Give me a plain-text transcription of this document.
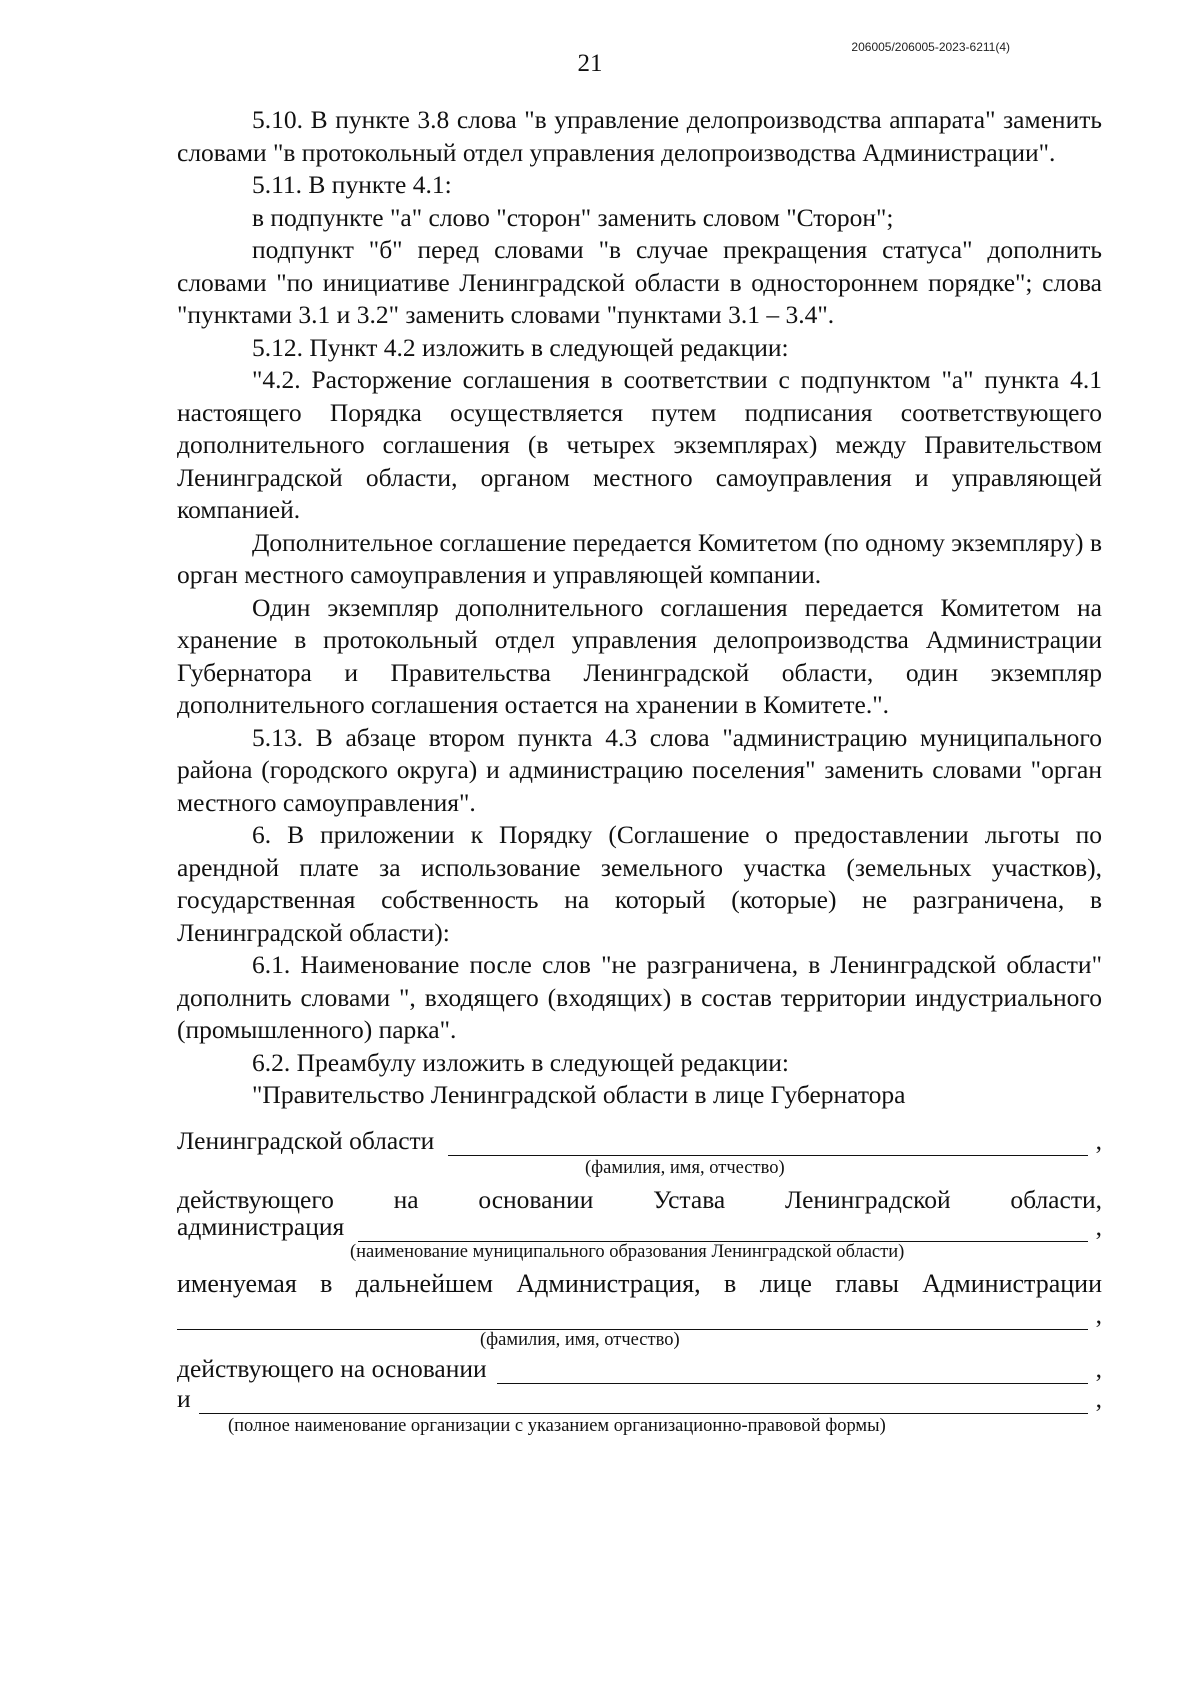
206005/206005-2023-6211(4)
21

5.10. В пункте 3.8 слова "в управление делопроизводства аппарата" заменить словами "в протокольный отдел управления делопроизводства Администрации".

5.11. В пункте 4.1:

в подпункте "а" слово "сторон" заменить словом "Сторон";

подпункт "б" перед словами "в случае прекращения статуса" дополнить словами "по инициативе Ленинградской области в одностороннем порядке"; слова "пунктами 3.1 и 3.2" заменить словами "пунктами 3.1 – 3.4".

5.12. Пункт 4.2 изложить в следующей редакции:

"4.2. Расторжение соглашения в соответствии с подпунктом "а" пункта 4.1 настоящего Порядка осуществляется путем подписания соответствующего дополнительного соглашения (в четырех экземплярах) между Правительством Ленинградской области, органом местного самоуправления и управляющей компанией.

Дополнительное соглашение передается Комитетом (по одному экземпляру) в орган местного самоуправления и управляющей компании.

Один экземпляр дополнительного соглашения передается Комитетом на хранение в протокольный отдел управления делопроизводства Администрации Губернатора и Правительства Ленинградской области, один экземпляр дополнительного соглашения остается на хранении в Комитете.".

5.13. В абзаце втором пункта 4.3 слова "администрацию муниципального района (городского округа) и администрацию поселения" заменить словами "орган местного самоуправления".

6. В приложении к Порядку (Соглашение о предоставлении льготы по арендной плате за использование земельного участка (земельных участков), государственная собственность на который (которые) не разграничена, в Ленинградской области):

6.1. Наименование после слов "не разграничена, в Ленинградской области" дополнить словами ", входящего (входящих) в состав территории индустриального (промышленного) парка".

6.2. Преамбулу изложить в следующей редакции:

"Правительство Ленинградской области в лице Губернатора

Ленинградской области	,
(фамилия, имя, отчество)
действующего на основании Устава Ленинградской области,
администрация	,
(наименование муниципального образования Ленинградской области)
именуемая в дальнейшем Администрация, в лице главы Администрации
,
(фамилия, имя, отчество)
действующего на основании	,
и	,
(полное наименование организации с указанием организационно-правовой формы)
